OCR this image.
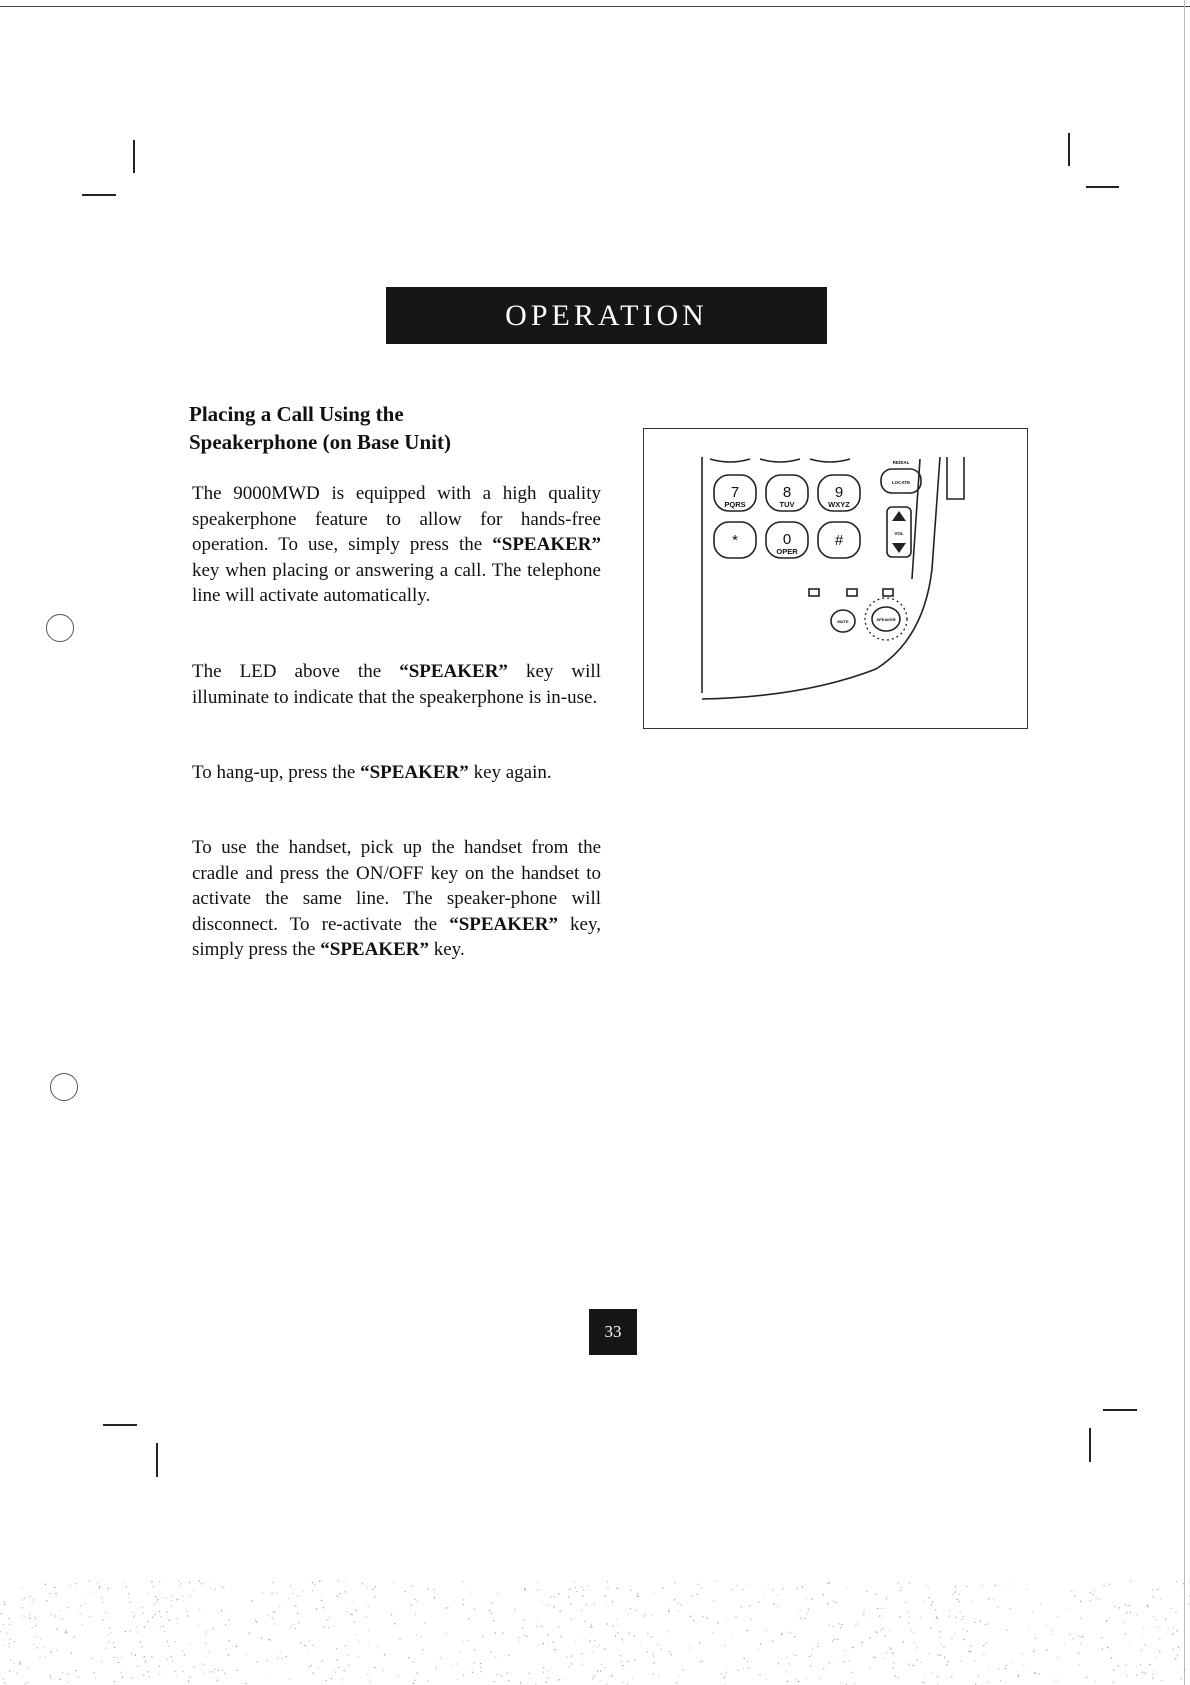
OPERATION
Placing a Call Using the
Speakerphone (on Base Unit)

The 9000MWD is equipped with a high quality speakerphone feature to allow for hands-free operation. To use, simply press the “SPEAKER” key when placing or answering a call. The telephone line will activate automatically.

The LED above the “SPEAKER” key will illuminate to indicate that the speakerphone is in-use.

To hang-up, press the “SPEAKER” key again.

To use the handset, pick up the handset from the cradle and press the ON/OFF key on the handset to activate the same line. The speaker-phone will disconnect. To re-activate the “SPEAKER” key, simply press the “SPEAKER” key.

7
PQRS
8
TUV
9
WXYZ
*	0
OPER
#
REDIAL
LOCATE
VOL
MUTE	SPEAKER
33
